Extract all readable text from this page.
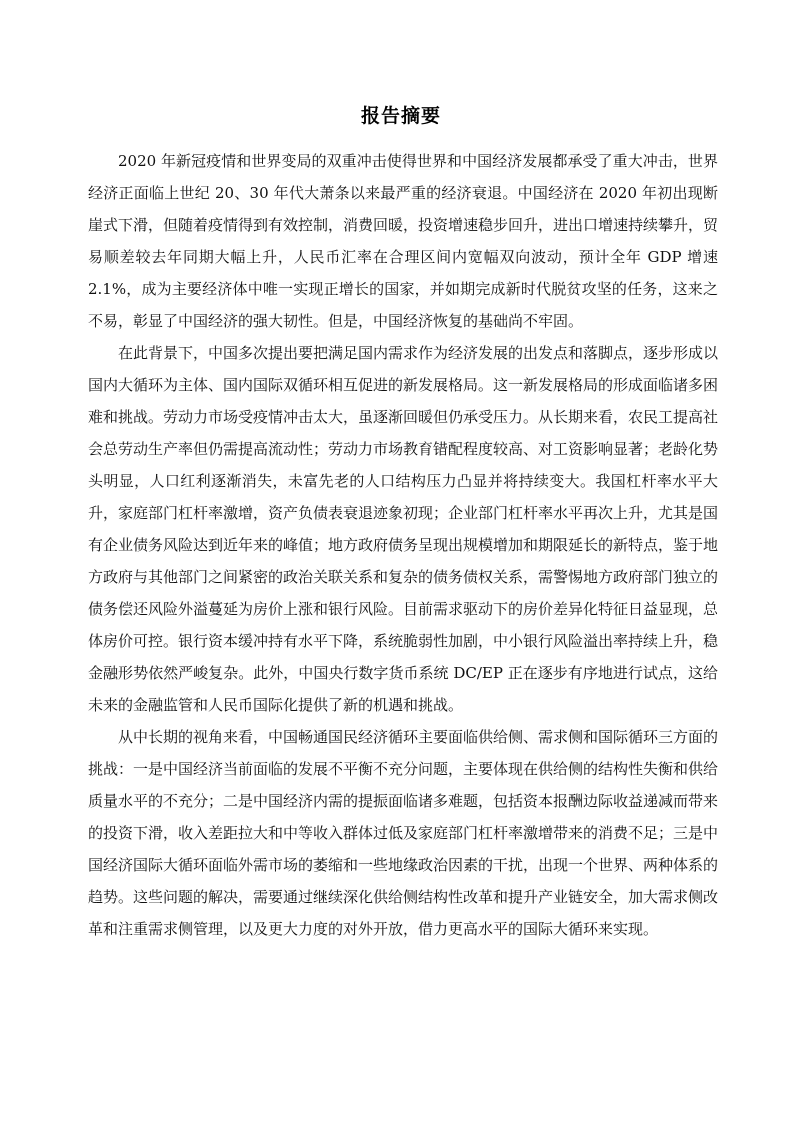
报告摘要

2020 年新冠疫情和世界变局的双重冲击使得世界和中国经济发展都承受了重大冲击，世界经济正面临上世纪 20、30 年代大萧条以来最严重的经济衰退。中国经济在 2020 年初出现断崖式下滑，但随着疫情得到有效控制，消费回暖，投资增速稳步回升，进出口增速持续攀升，贸易顺差较去年同期大幅上升，人民币汇率在合理区间内宽幅双向波动，预计全年 GDP 增速 2.1%，成为主要经济体中唯一实现正增长的国家，并如期完成新时代脱贫攻坚的任务，这来之不易，彰显了中国经济的强大韧性。但是，中国经济恢复的基础尚不牢固。

在此背景下，中国多次提出要把满足国内需求作为经济发展的出发点和落脚点，逐步形成以国内大循环为主体、国内国际双循环相互促进的新发展格局。这一新发展格局的形成面临诸多困难和挑战。劳动力市场受疫情冲击太大，虽逐渐回暖但仍承受压力。从长期来看，农民工提高社会总劳动生产率但仍需提高流动性；劳动力市场教育错配程度较高、对工资影响显著；老龄化势头明显，人口红利逐渐消失，未富先老的人口结构压力凸显并将持续变大。我国杠杆率水平大升，家庭部门杠杆率激增，资产负债表衰退迹象初现；企业部门杠杆率水平再次上升，尤其是国有企业债务风险达到近年来的峰值；地方政府债务呈现出规模增加和期限延长的新特点，鉴于地方政府与其他部门之间紧密的政治关联关系和复杂的债务债权关系，需警惕地方政府部门独立的债务偿还风险外溢蔓延为房价上涨和银行风险。目前需求驱动下的房价差异化特征日益显现，总体房价可控。银行资本缓冲持有水平下降，系统脆弱性加剧，中小银行风险溢出率持续上升，稳金融形势依然严峻复杂。此外，中国央行数字货币系统 DC/EP 正在逐步有序地进行试点，这给未来的金融监管和人民币国际化提供了新的机遇和挑战。

从中长期的视角来看，中国畅通国民经济循环主要面临供给侧、需求侧和国际循环三方面的挑战：一是中国经济当前面临的发展不平衡不充分问题，主要体现在供给侧的结构性失衡和供给质量水平的不充分；二是中国经济内需的提振面临诸多难题，包括资本报酬边际收益递减而带来的投资下滑，收入差距拉大和中等收入群体过低及家庭部门杠杆率激增带来的消费不足；三是中国经济国际大循环面临外需市场的萎缩和一些地缘政治因素的干扰，出现一个世界、两种体系的趋势。这些问题的解决，需要通过继续深化供给侧结构性改革和提升产业链安全，加大需求侧改革和注重需求侧管理，以及更大力度的对外开放，借力更高水平的国际大循环来实现。
